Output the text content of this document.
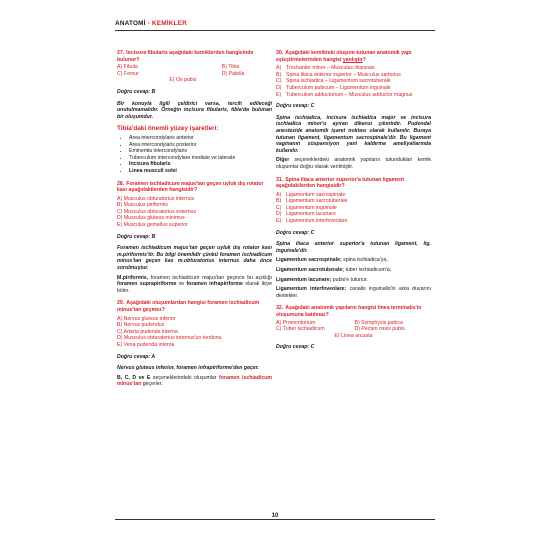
ANATOMİ - KEMİKLER
27. Incisura fibularis aşağıdaki kemiklerden hangisinde bulunur?
A) Fibula	B) Tibia
C) Femur	D) Patella
E) Os pubis
Doğru cevap: B
Bir konuyla ilgili çeldirici varsa, tercih edileceği unutulmamalıdır. Örneğin incisura fibularis, tibia'da bulunan bir oluşumdur.
Tibia'daki önemli yüzey işaretleri:
• Area intercondylaris anterior
• Area intercondylaris posterior
• Eminentia intercondylaris
• Tuberculum intercondylare mediale ve laterale
• Incisura fibularis
• Linea musculi solei
28. Foramen ischiadicum majus'tan geçen uyluk dış rotator kası aşağıdakilerden hangisidir?
A) Musculus obturatorius internus
B) Musculus piriformis
C) Musculus obturatorius externus
D) Musculus gluteus minimus
E) Musculus gemellus superior
Doğru cevap: B
Foramen ischiadicum majus'tan geçen uyluk dış rotator kası m.piriformis'tir. Bu bilgi önemlidir çünkü foramen ischiadicum minus'tan geçen kas m.obturatorius internus daha önce sorulmuştur.
M.piriformis, foramen ischiadicum majus'tan geçince bu açıklığı foramen suprapiriforme ve foramen infrapiriforme olarak ikiye böler.
29. Aşağıdaki oluşumlardan hangisi foramen ischiadicum minus'tan geçmez?
A) Nervus gluteus inferior
B) Nervus pudendus
C) Arteria pudenda interna
D) Musculus obturatorius internus'un tendonu
E) Vena pudenda interna
Doğru cevap: A
Nervus gluteus inferior, foramen infrapiriforme'den geçer.
B, C, D ve E seçeneklerindeki oluşumlar foramen ischiadicum minus'tan geçerler.
30. Aşağıdaki kemikteki oluşum-tutunan anatomik yapı eşleştirmelerinden hangisi yanlıştır?
A) Trochanter minor – Musculus iliopsoas
B) Spina iliaca anterior superior – Musculus sartorius
C) Spina ischiadica – Ligamentum sacrotuberale
D) Tuberculum pubicum – Ligamentum inguinale
E) Tuberculum adductorium – Musculus adductor magnus
Doğru cevap: C
Spina ischiadica, incisura ischiadica major ve incisura ischiadica minor'u ayıran dikensi çıkıntıdır. Pudendal anestezide anatomik işaret noktası olarak kullanılır. Buraya tutunan ligament, ligamentum sacrospinale'dir. Bu ligament vaginanın süspansiyon yani kaldırma ameliyatlarında kullanılır.
Diğer seçeneklerdeki anatomik yapıların tutunduklari kemik oluşumlar doğru olarak verilmiştir.
31. Spina iliaca anterior superior'a tutunan ligament aşağıdakilerden hangisidir?
A) Ligamentum sacrospinale
B) Ligamentum sacrotuberale
C) Ligamentum inguinale
D) Ligamentum lacunare
E) Ligamentum interfoveolare
Doğru cevap: C
Spina iliaca anterior superior'a tutunan ligament, lig. inguinale'dir.
Ligamentum sacrospinale; spina ischiadica'ya,
Ligamentum sacrotuberale; tuber ischiadicum'a,
Ligamentum lacunare; pubis'e tutunur.
Ligamentum interfoveolare; canalis inguinalis'in arka duvarını destekler.
32. Aşağıdaki anatomik yapıların hangisi linea terminalis'in oluşumuna katılmaz?
A) Promontorium	B) Symphysis pubica
C) Tuber ischiadicum	D) Pecten ossis pubis
E) Linea arcuata
Doğru cevap: C
10
